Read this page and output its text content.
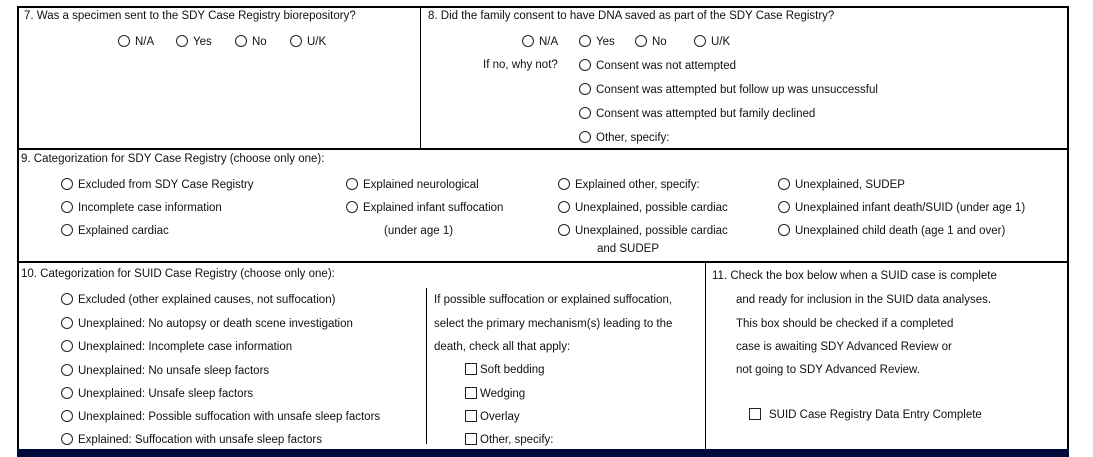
7. Was a specimen sent to the SDY Case Registry biorepository?
N/A	Yes	No	U/K
8. Did the family consent to have DNA saved as part of the SDY Case Registry?
N/A	Yes	No	U/K
If no, why not?	Consent was not attempted
Consent was attempted but follow up was unsuccessful
Consent was attempted but family declined
Other, specify:
9. Categorization for SDY Case Registry (choose only one):
Excluded from SDY Case Registry
Incomplete case information
Explained cardiac
Explained neurological
Explained infant suffocation
(under age 1)
Explained other, specify:
Unexplained, possible cardiac
Unexplained, possible cardiac
and SUDEP
Unexplained, SUDEP
Unexplained infant death/SUID (under age 1)
Unexplained child death (age 1 and over)
10. Categorization for SUID Case Registry (choose only one):
Excluded (other explained causes, not suffocation)
Unexplained: No autopsy or death scene investigation
Unexplained: Incomplete case information
Unexplained: No unsafe sleep factors
Unexplained: Unsafe sleep factors
Unexplained: Possible suffocation with unsafe sleep factors
Explained: Suffocation with unsafe sleep factors
If possible suffocation or explained suffocation,
select the primary mechanism(s) leading to the
death, check all that apply:
Soft bedding
Wedging
Overlay
Other, specify:
11. Check the box below when a SUID case is complete
and ready for inclusion in the SUID data analyses.
This box should be checked if a completed
case is awaiting SDY Advanced Review or
not going to SDY Advanced Review.
SUID Case Registry Data Entry Complete
